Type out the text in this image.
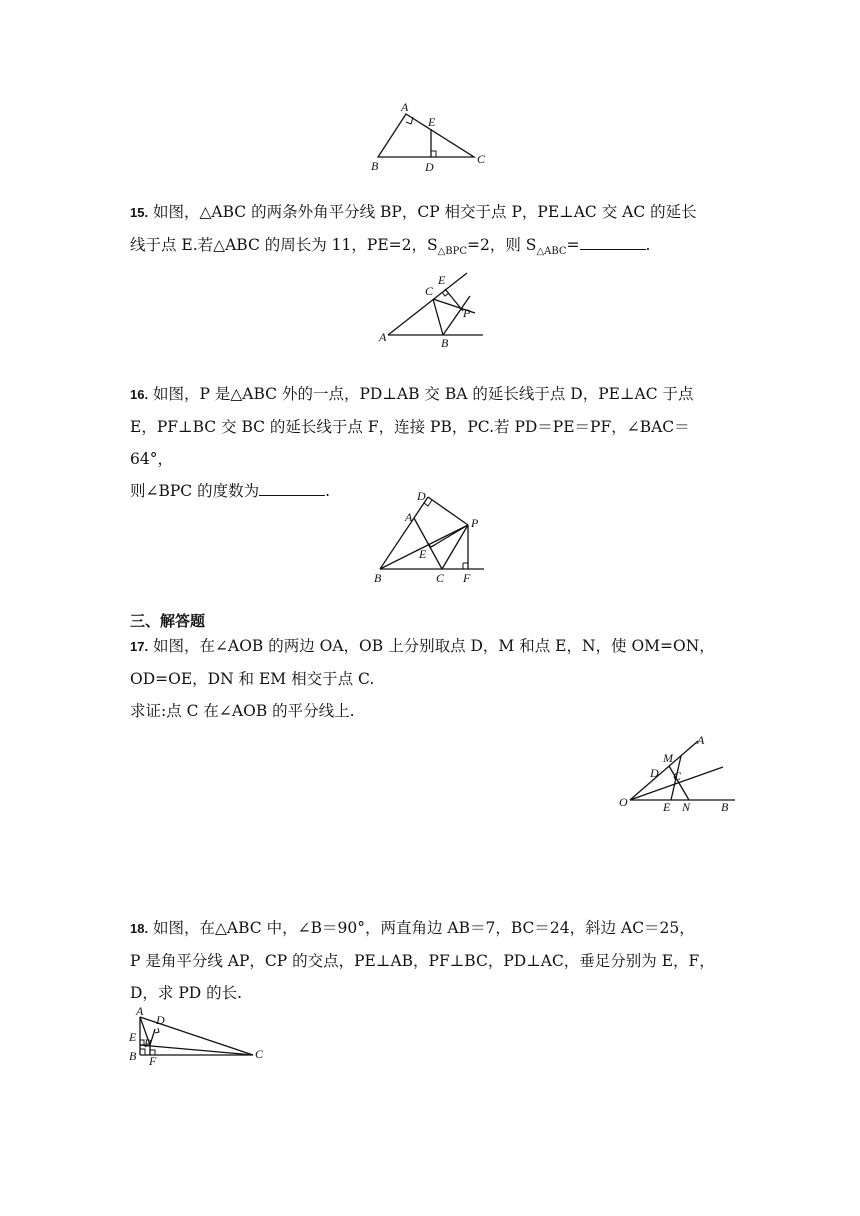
A
E
B	D
C
15. 如图，△ABC 的两条外角平分线 BP，CP 相交于点 P，PE⊥AC 交 AC 的延长
线于点 E.若△ABC 的周长为 11，PE=2，$S_{\triangle BPC}=2$，则 $S_{\triangle ABC}=$	.
C
E
P
A	B
16. 如图，P 是△ABC 外的一点，PD⊥AB 交 BA 的延长线于点 D，PE⊥AC 于点
E，PF⊥BC 交 BC 的延长线于点 F，连接 PB，PC.若 PD＝PE＝PF，∠BAC＝64°，
则∠BPC 的度数为	.	D
A	P
E
B	C F
三、解答题
17. 如图，在∠AOB 的两边 OA，OB 上分别取点 D，M 和点 E，N，使 OM=ON，
OD=OE，DN 和 EM 相交于点 C.
求证:点 C 在∠AOB 的平分线上.
A
M
D C
O	E N	B
18. 如图，在△ABC 中，∠B＝90°，两直角边 AB＝7，BC＝24，斜边 AC＝25，
P 是角平分线 AP，CP 的交点，PE⊥AB，PF⊥BC，PD⊥AC，垂足分别为 E，F，
D，求 PD 的长.
A
D
E P
B F	C
